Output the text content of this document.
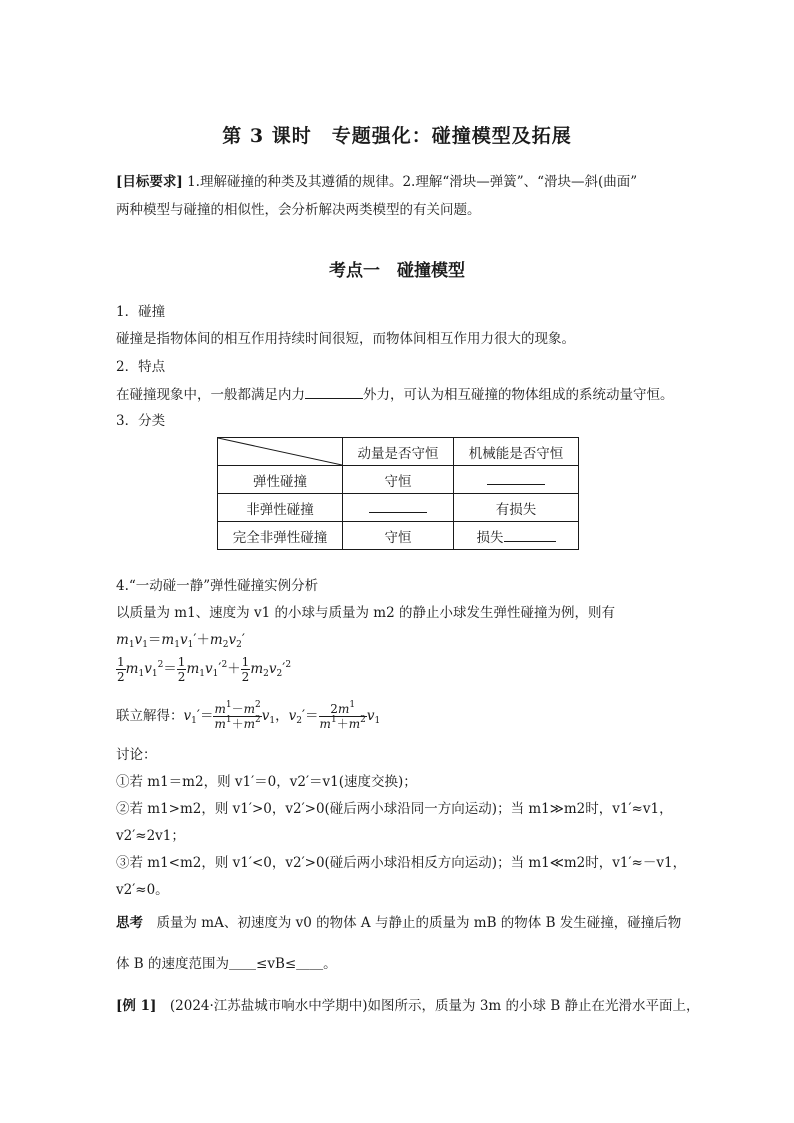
第 3 课时　专题强化：碰撞模型及拓展
[目标要求] 1.理解碰撞的种类及其遵循的规律。2.理解“滑块—弹簧”、“滑块—斜(曲面”
两种模型与碰撞的相似性，会分析解决两类模型的有关问题。
考点一　碰撞模型
1．碰撞
碰撞是指物体间的相互作用持续时间很短，而物体间相互作用力很大的现象。
2．特点
在碰撞现象中，一般都满足内力	外力，可认为相互碰撞的物体组成的系统动量守恒。
3．分类
	动量是否守恒	机械能是否守恒
弹性碰撞	守恒	
非弹性碰撞		有损失
完全非弹性碰撞	守恒	损失
4.“一动碰一静”弹性碰撞实例分析
以质量为 m1、速度为 v1 的小球与质量为 m2 的静止小球发生弹性碰撞为例，则有
$m_1v_1=m_1v_1'+m_2v_2'$
$\frac{1}{2} m_1v_1^2= \frac{1}{2} m_1v_1'^2+ \frac{1}{2} m_2v_2'^2$
联立解得：$v_1'= \frac{m^1-m^2}{m^1+m^2} v_1$，$v_2'= \frac{2m^1}{m^1+m^2} v_1$
讨论：
①若 m1＝m2，则 v1′＝0，v2′＝v1(速度交换)；
②若 m1>m2，则 v1′>0，v2′>0(碰后两小球沿同一方向运动)；当 m1≫m2时，v1′≈v1，
v2′≈2v1；
③若 m1<m2，则 v1′<0，v2′>0(碰后两小球沿相反方向运动)；当 m1≪m2时，v1′≈－v1，
v2′≈0。
思考　 质量为 mA、初速度为 v0 的物体 A 与静止的质量为 mB 的物体 B 发生碰撞，碰撞后物
体 B 的速度范围为＿＿≤vB≤＿＿。
[例 1]　 (2024·江苏盐城市响水中学期中)如图所示，质量为 3m 的小球 B 静止在光滑水平面上，
